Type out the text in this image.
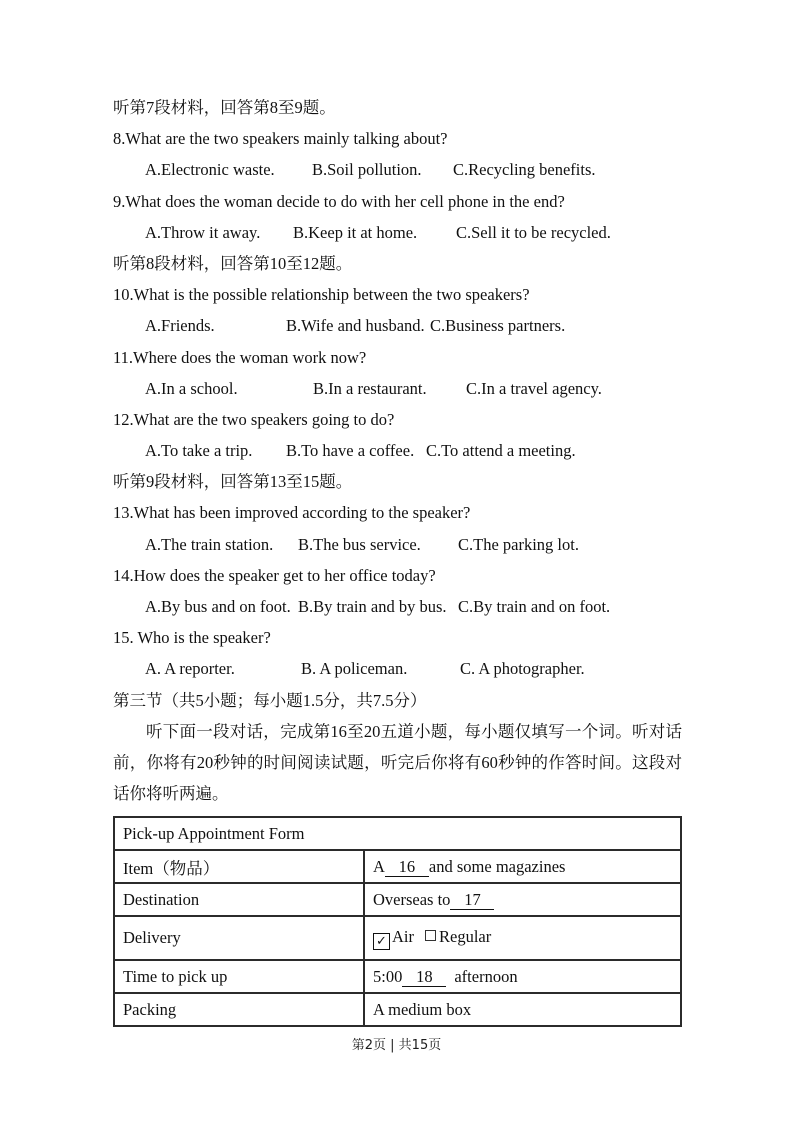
听第7段材料，回答第8至9题。
8.What are the two speakers mainly talking about?
A.Electronic waste. B.Soil pollution. C.Recycling benefits.
9.What does the woman decide to do with her cell phone in the end?
A.Throw it away. B.Keep it at home. C.Sell it to be recycled.
听第8段材料，回答第10至12题。
10.What is the possible relationship between the two speakers?
A.Friends.	B.Wife and husband. C.Business partners.
11.Where does the woman work now?
A.In a school.	B.In a restaurant. C.In a travel agency.
12.What are the two speakers going to do?
A.To take a trip. B.To have a coffee. C.To attend a meeting.
听第9段材料，回答第13至15题。
13.What has been improved according to the speaker?
A.The train station. B.The bus service. C.The parking lot.
14.How does the speaker get to her office today?
A.By bus and on foot. B.By train and by bus. C.By train and on foot.
15. Who is the speaker?
A. A reporter.	B. A policeman.	C. A photographer.
第三节（共5小题；每小题1.5分，共7.5分）
听下面一段对话，完成第16至20五道小题，每小题仅填写一个词。听对话前，你将有20秒钟的时间阅读试题，听完后你将有60秒钟的作答时间。这段对话你将听两遍。
Pick-up Appointment Form	
Item（物品）	A 16 and some magazines
Destination	Overseas to 17
Delivery	✓ Air Regular
Time to pick up	5:00 18 afternoon
Packing	A medium box
第2页 | 共15页
